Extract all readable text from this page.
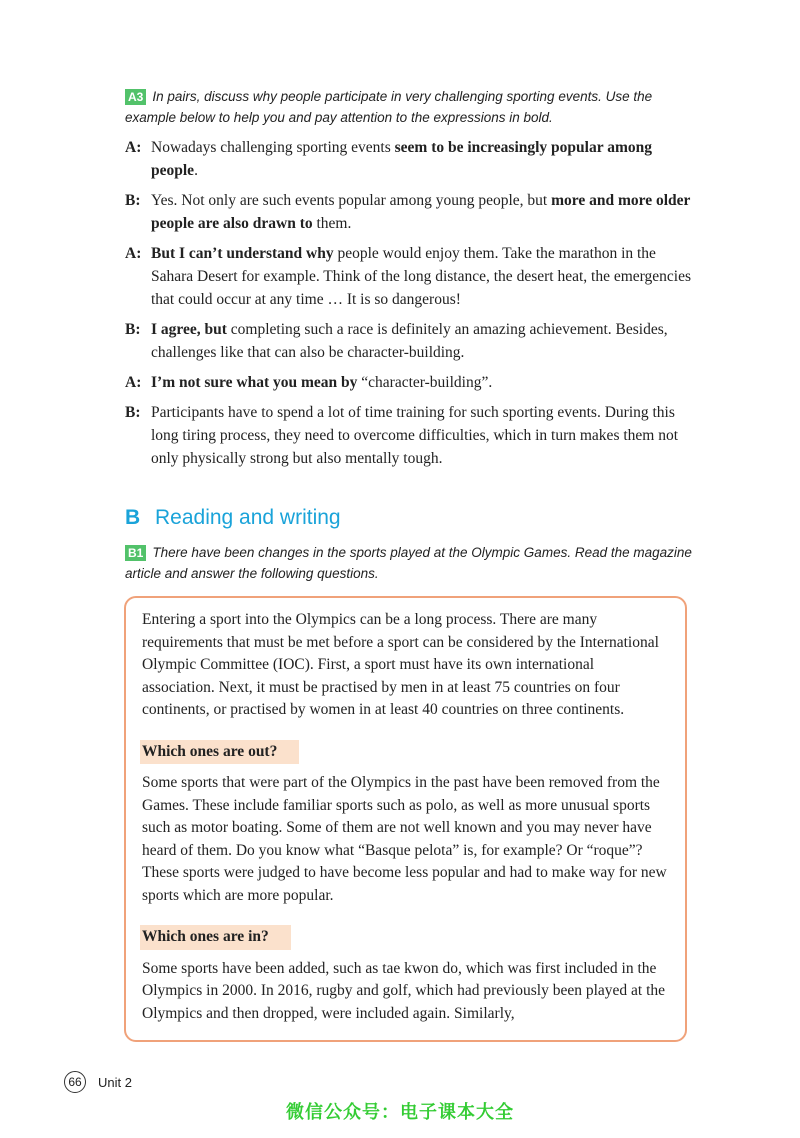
A3 In pairs, discuss why people participate in very challenging sporting events. Use the example below to help you and pay attention to the expressions in bold.
A: Nowadays challenging sporting events seem to be increasingly popular among people.
B: Yes. Not only are such events popular among young people, but more and more older people are also drawn to them.
A: But I can’t understand why people would enjoy them. Take the marathon in the Sahara Desert for example. Think of the long distance, the desert heat, the emergencies that could occur at any time … It is so dangerous!
B: I agree, but completing such a race is definitely an amazing achievement. Besides, challenges like that can also be character-building.
A: I’m not sure what you mean by “character-building”.
B: Participants have to spend a lot of time training for such sporting events. During this long tiring process, they need to overcome difficulties, which in turn makes them not only physically strong but also mentally tough.
B Reading and writing
B1 There have been changes in the sports played at the Olympic Games. Read the magazine article and answer the following questions.

Entering a sport into the Olympics can be a long process. There are many requirements that must be met before a sport can be considered by the International Olympic Committee (IOC). First, a sport must have its own international association. Next, it must be practised by men in at least 75 countries on four continents, or practised by women in at least 40 countries on three continents.

Which ones are out?

Some sports that were part of the Olympics in the past have been removed from the Games. These include familiar sports such as polo, as well as more unusual sports such as motor boating. Some of them are not well known and you may never have heard of them. Do you know what “Basque pelota” is, for example? Or “roque”? These sports were judged to have become less popular and had to make way for new sports which are more popular.

Which ones are in?

Some sports have been added, such as tae kwon do, which was first included in the Olympics in 2000. In 2016, rugby and golf, which had previously been played at the Olympics and then dropped, were included again. Similarly,

66	Unit 2
微信公众号：电子课本大全
